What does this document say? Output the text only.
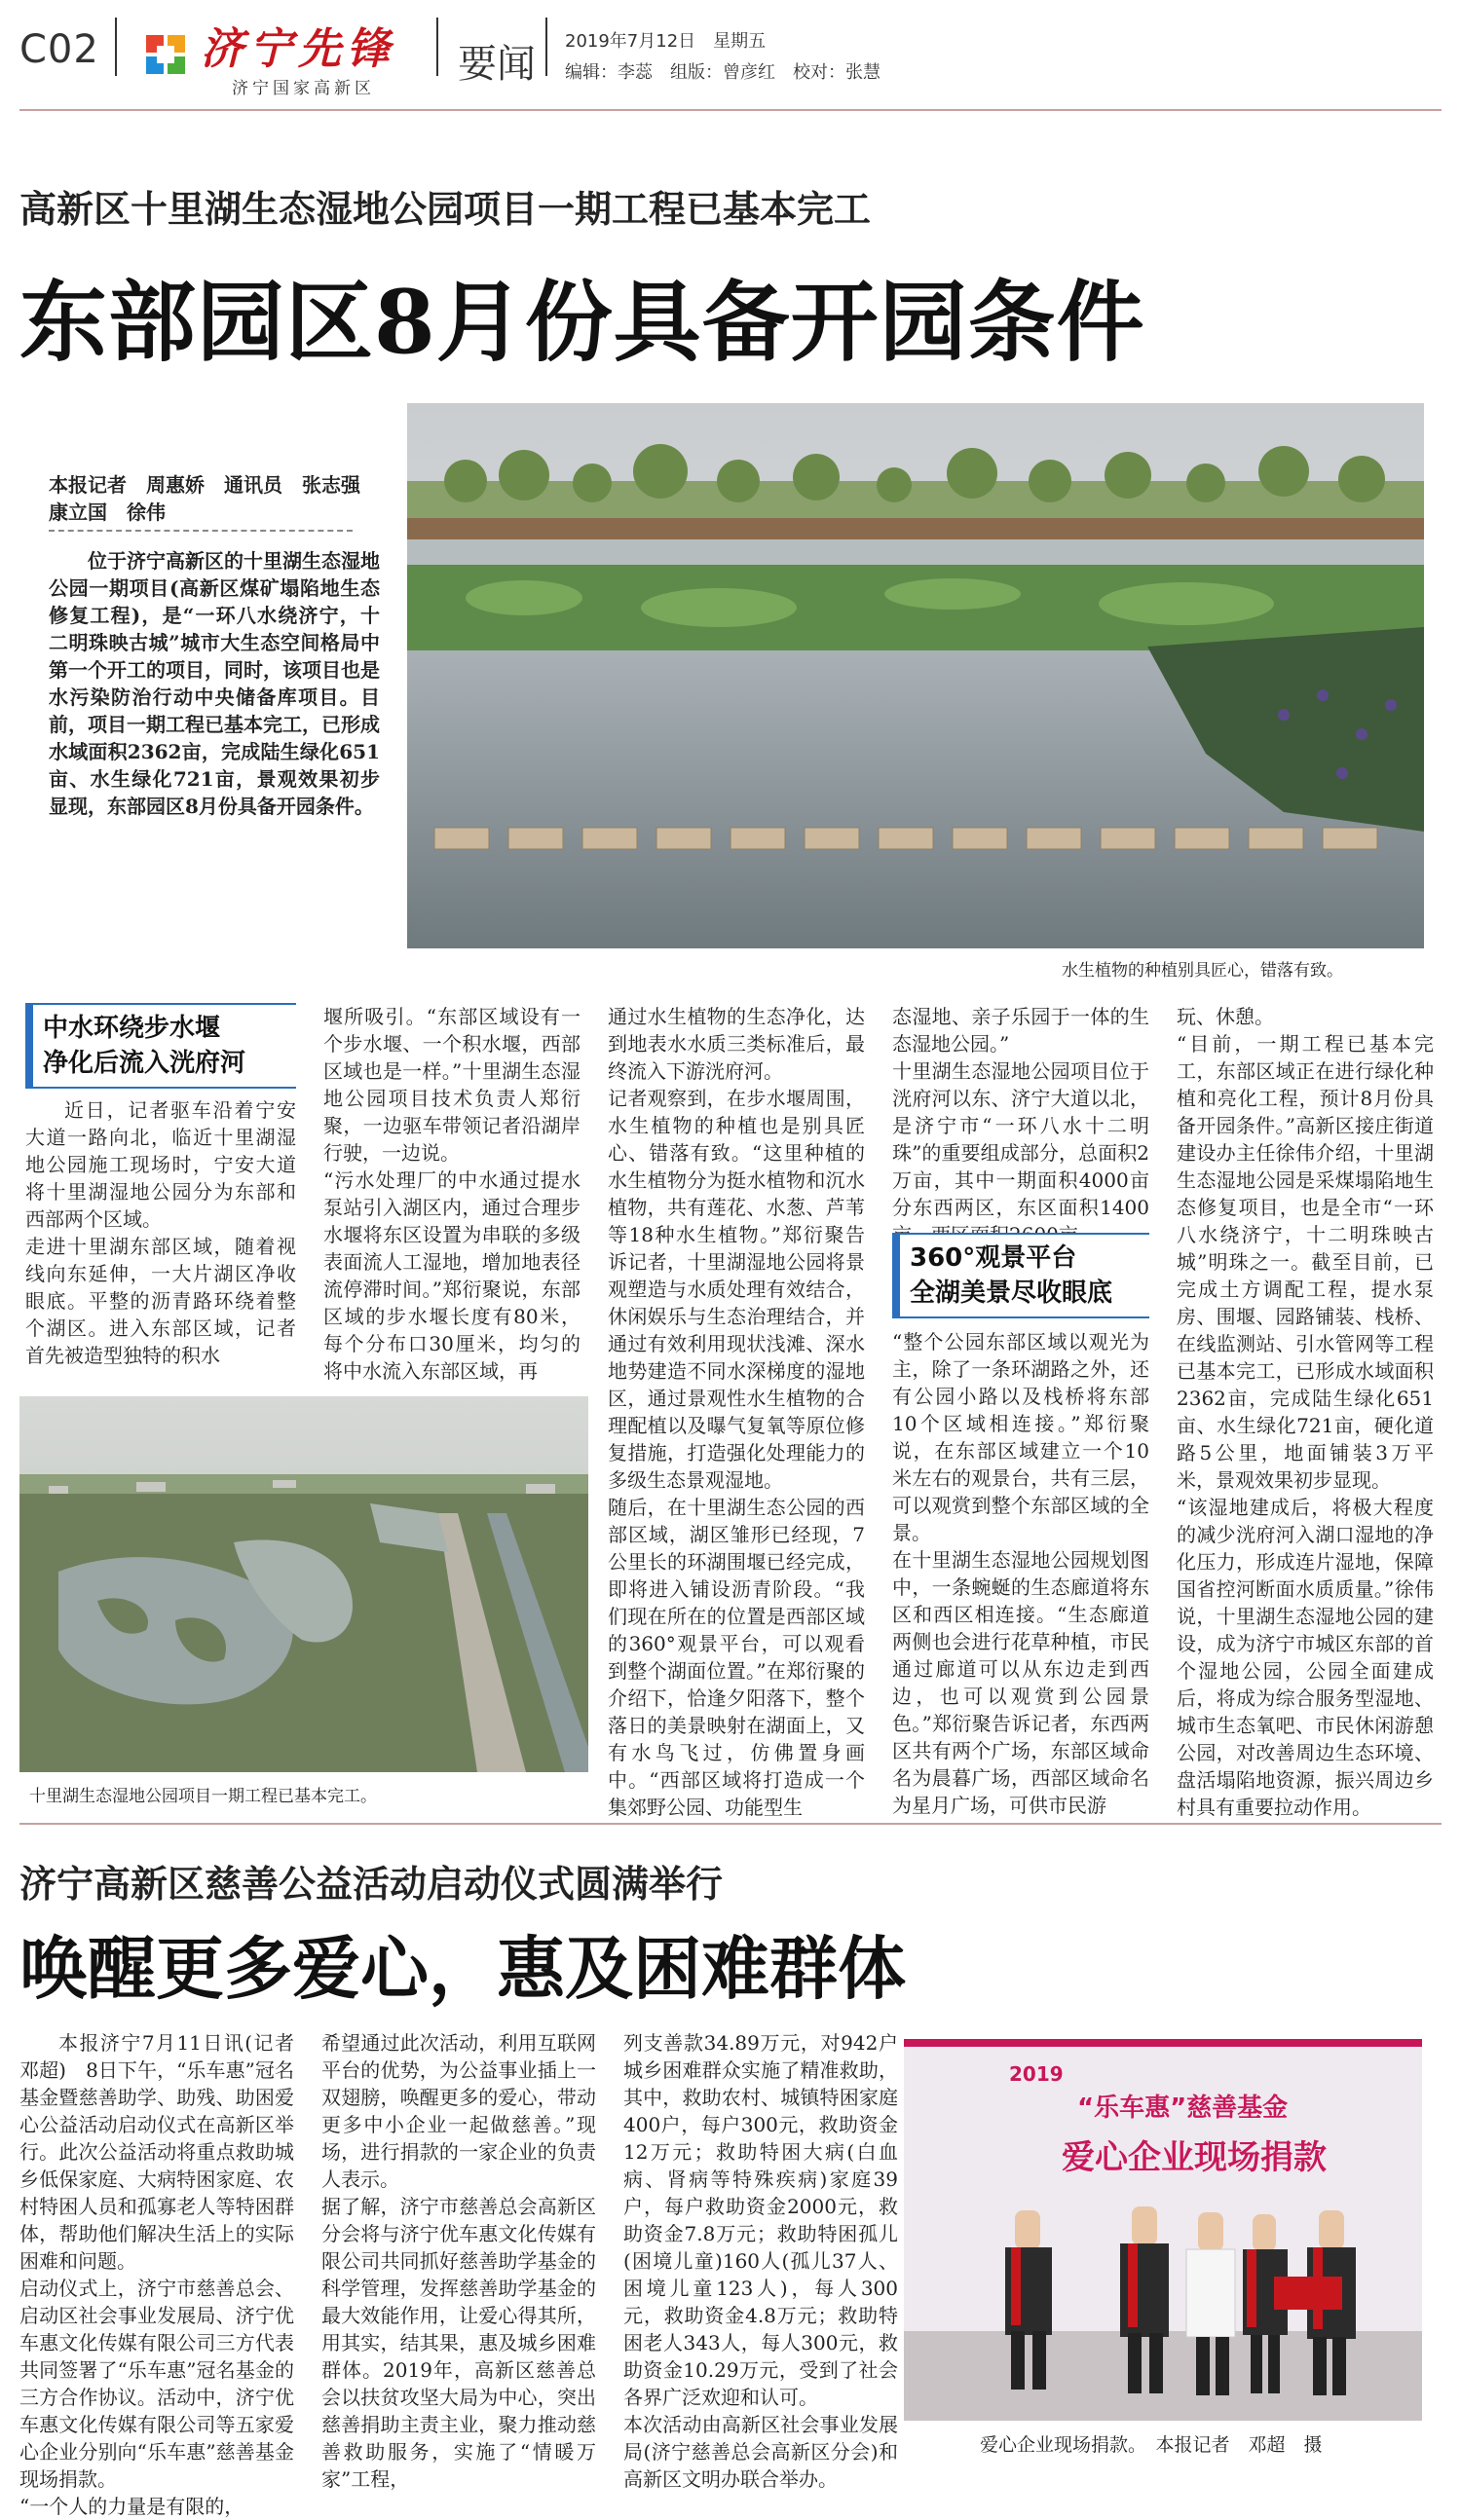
C02 济宁先锋
济宁国家高新区
要闻
2019年7月12日　星期五
编辑：李蕊　组版：曾彦红　校对：张慧
高新区十里湖生态湿地公园项目一期工程已基本完工
东部园区8月份具备开园条件
本报记者　周惠娇　通讯员　张志强　康立国　徐伟

位于济宁高新区的十里湖生态湿地公园一期项目(高新区煤矿塌陷地生态修复工程)，是“一环八水绕济宁，十二明珠映古城”城市大生态空间格局中第一个开工的项目，同时，该项目也是水污染防治行动中央储备库项目。目前，项目一期工程已基本完工，已形成水域面积2362亩，完成陆生绿化651亩、水生绿化721亩，景观效果初步显现，东部园区8月份具备开园条件。

水生植物的种植别具匠心，错落有致。
中水环绕步水堰
净化后流入洸府河

近日，记者驱车沿着宁安大道一路向北，临近十里湖湿地公园施工现场时，宁安大道将十里湖湿地公园分为东部和西部两个区域。
走进十里湖东部区域，随着视线向东延伸，一大片湖区净收眼底。平整的沥青路环绕着整个湖区。进入东部区域，记者首先被造型独特的积水

堰所吸引。“东部区域设有一个步水堰、一个积水堰，西部区域也是一样。”十里湖生态湿地公园项目技术负责人郑衍聚，一边驱车带领记者沿湖岸行驶，一边说。
“污水处理厂的中水通过提水泵站引入湖区内，通过合理步水堰将东区设置为串联的多级表面流人工湿地，增加地表径流停滞时间。”郑衍聚说，东部区域的步水堰长度有80米，每个分布口30厘米，均匀的将中水流入东部区域，再

通过水生植物的生态净化，达到地表水水质三类标准后，最终流入下游洸府河。
记者观察到，在步水堰周围，水生植物的种植也是别具匠心、错落有致。“这里种植的水生植物分为挺水植物和沉水植物，共有莲花、水葱、芦苇等18种水生植物。”郑衍聚告诉记者，十里湖湿地公园将景观塑造与水质处理有效结合，休闲娱乐与生态治理结合，并通过有效利用现状浅滩、深水地势建造不同水深梯度的湿地区，通过景观性水生植物的合理配植以及曝气复氧等原位修复措施，打造强化处理能力的多级生态景观湿地。
随后，在十里湖生态公园的西部区域，湖区雏形已经现，7公里长的环湖围堰已经完成，即将进入铺设沥青阶段。“我们现在所在的位置是西部区域的360°观景平台，可以观看到整个湖面位置。”在郑衍聚的介绍下，恰逢夕阳落下，整个落日的美景映射在湖面上，又有水鸟飞过，仿佛置身画中。“西部区域将打造成一个集郊野公园、功能型生

态湿地、亲子乐园于一体的生态湿地公园。”
十里湖生态湿地公园项目位于洸府河以东、济宁大道以北，是济宁市“一环八水十二明珠”的重要组成部分，总面积2万亩，其中一期面积4000亩分东西两区，东区面积1400

360°观景平台
全湖美景尽收眼底

“整个公园东部区域以观光为主，除了一条环湖路之外，还有公园小路以及栈桥将东部10个区域相连接。”郑衍聚说，在东部区域建立一个10米左右的观景台，共有三层，可以观赏到整个东部区域的全景。
在十里湖生态湿地公园规划图中，一条蜿蜒的生态廊道将东区和西区相连接。“生态廊道两侧也会进行花草种植，市民通过廊道可以从东边走到西边，也可以观赏到公园景色。”郑衍聚告诉记者，东西两区共有两个广场，东部区域命名为晨暮广场，西部区域命名为星月广场，可供市民游

玩、休憩。
“目前，一期工程已基本完工，东部区域正在进行绿化种植和亮化工程，预计8月份具备开园条件。”高新区接庄街道建设办主任徐伟介绍，十里湖生态湿地公园是采煤塌陷地生态修复项目，也是全市“一环八水绕济宁，十二明珠映古城”明珠之一。截至目前，已完成土方调配工程，提水泵房、围堰、园路铺装、栈桥、在线监测站、引水管网等工程已基本完工，已形成水域面积2362亩，完成陆生绿化651亩、水生绿化721亩，硬化道路5公里，地面铺装3万平米，景观效果初步显现。
“该湿地建成后，将极大程度的减少洸府河入湖口湿地的净化压力，形成连片湿地，保障国省控河断面水质质量。”徐伟说，十里湖生态湿地公园的建设，成为济宁市城区东部的首个湿地公园，公园全面建成后，将成为综合服务型湿地、城市生态氧吧、市民休闲游憩公园，对改善周边生态环境、盘活塌陷地资源，振兴周边乡村具有重要拉动作用。

十里湖生态湿地公园项目一期工程已基本完工。
济宁高新区慈善公益活动启动仪式圆满举行
唤醒更多爱心，惠及困难群体

本报济宁7月11日讯(记者邓超)　8日下午，“乐车惠”冠名基金暨慈善助学、助残、助困爱心公益活动启动仪式在高新区举行。此次公益活动将重点救助城乡低保家庭、大病特困家庭、农村特困人员和孤寡老人等特困群体，帮助他们解决生活上的实际困难和问题。
启动仪式上，济宁市慈善总会、启动区社会事业发展局、济宁优车惠文化传媒有限公司三方代表共同签署了“乐车惠”冠名基金的三方合作协议。活动中，济宁优车惠文化传媒有限公司等五家爱心企业分别向“乐车惠”慈善基金现场捐款。
“一个人的力量是有限的，

希望通过此次活动，利用互联网平台的优势，为公益事业插上一双翅膀，唤醒更多的爱心，带动更多中小企业一起做慈善。”现场，进行捐款的一家企业的负责人表示。
据了解，济宁市慈善总会高新区分会将与济宁优车惠文化传媒有限公司共同抓好慈善助学基金的科学管理，发挥慈善助学基金的最大效能作用，让爱心得其所，用其实，结其果，惠及城乡困难群体。2019年，高新区慈善总会以扶贫攻坚大局为中心，突出慈善捐助主责主业，聚力推动慈善救助服务，实施了“情暖万家”工程，

列支善款34.89万元，对942户城乡困难群众实施了精准救助，其中，救助农村、城镇特困家庭400户，每户300元，救助资金12万元；救助特困大病(白血病、肾病等特殊疾病)家庭39户，每户救助资金2000元，救助资金7.8万元；救助特困孤儿(困境儿童)160人(孤儿37人、困境儿童123人)，每人300元，救助资金4.8万元；救助特困老人343人，每人300元，救助资金10.29万元，受到了社会各界广泛欢迎和认可。
本次活动由高新区社会事业发展局(济宁慈善总会高新区分会)和高新区文明办联合举办。

2019
“乐车惠”慈善基金
爱心企业现场捐款
爱心企业现场捐款。　本报记者　邓超　摄
